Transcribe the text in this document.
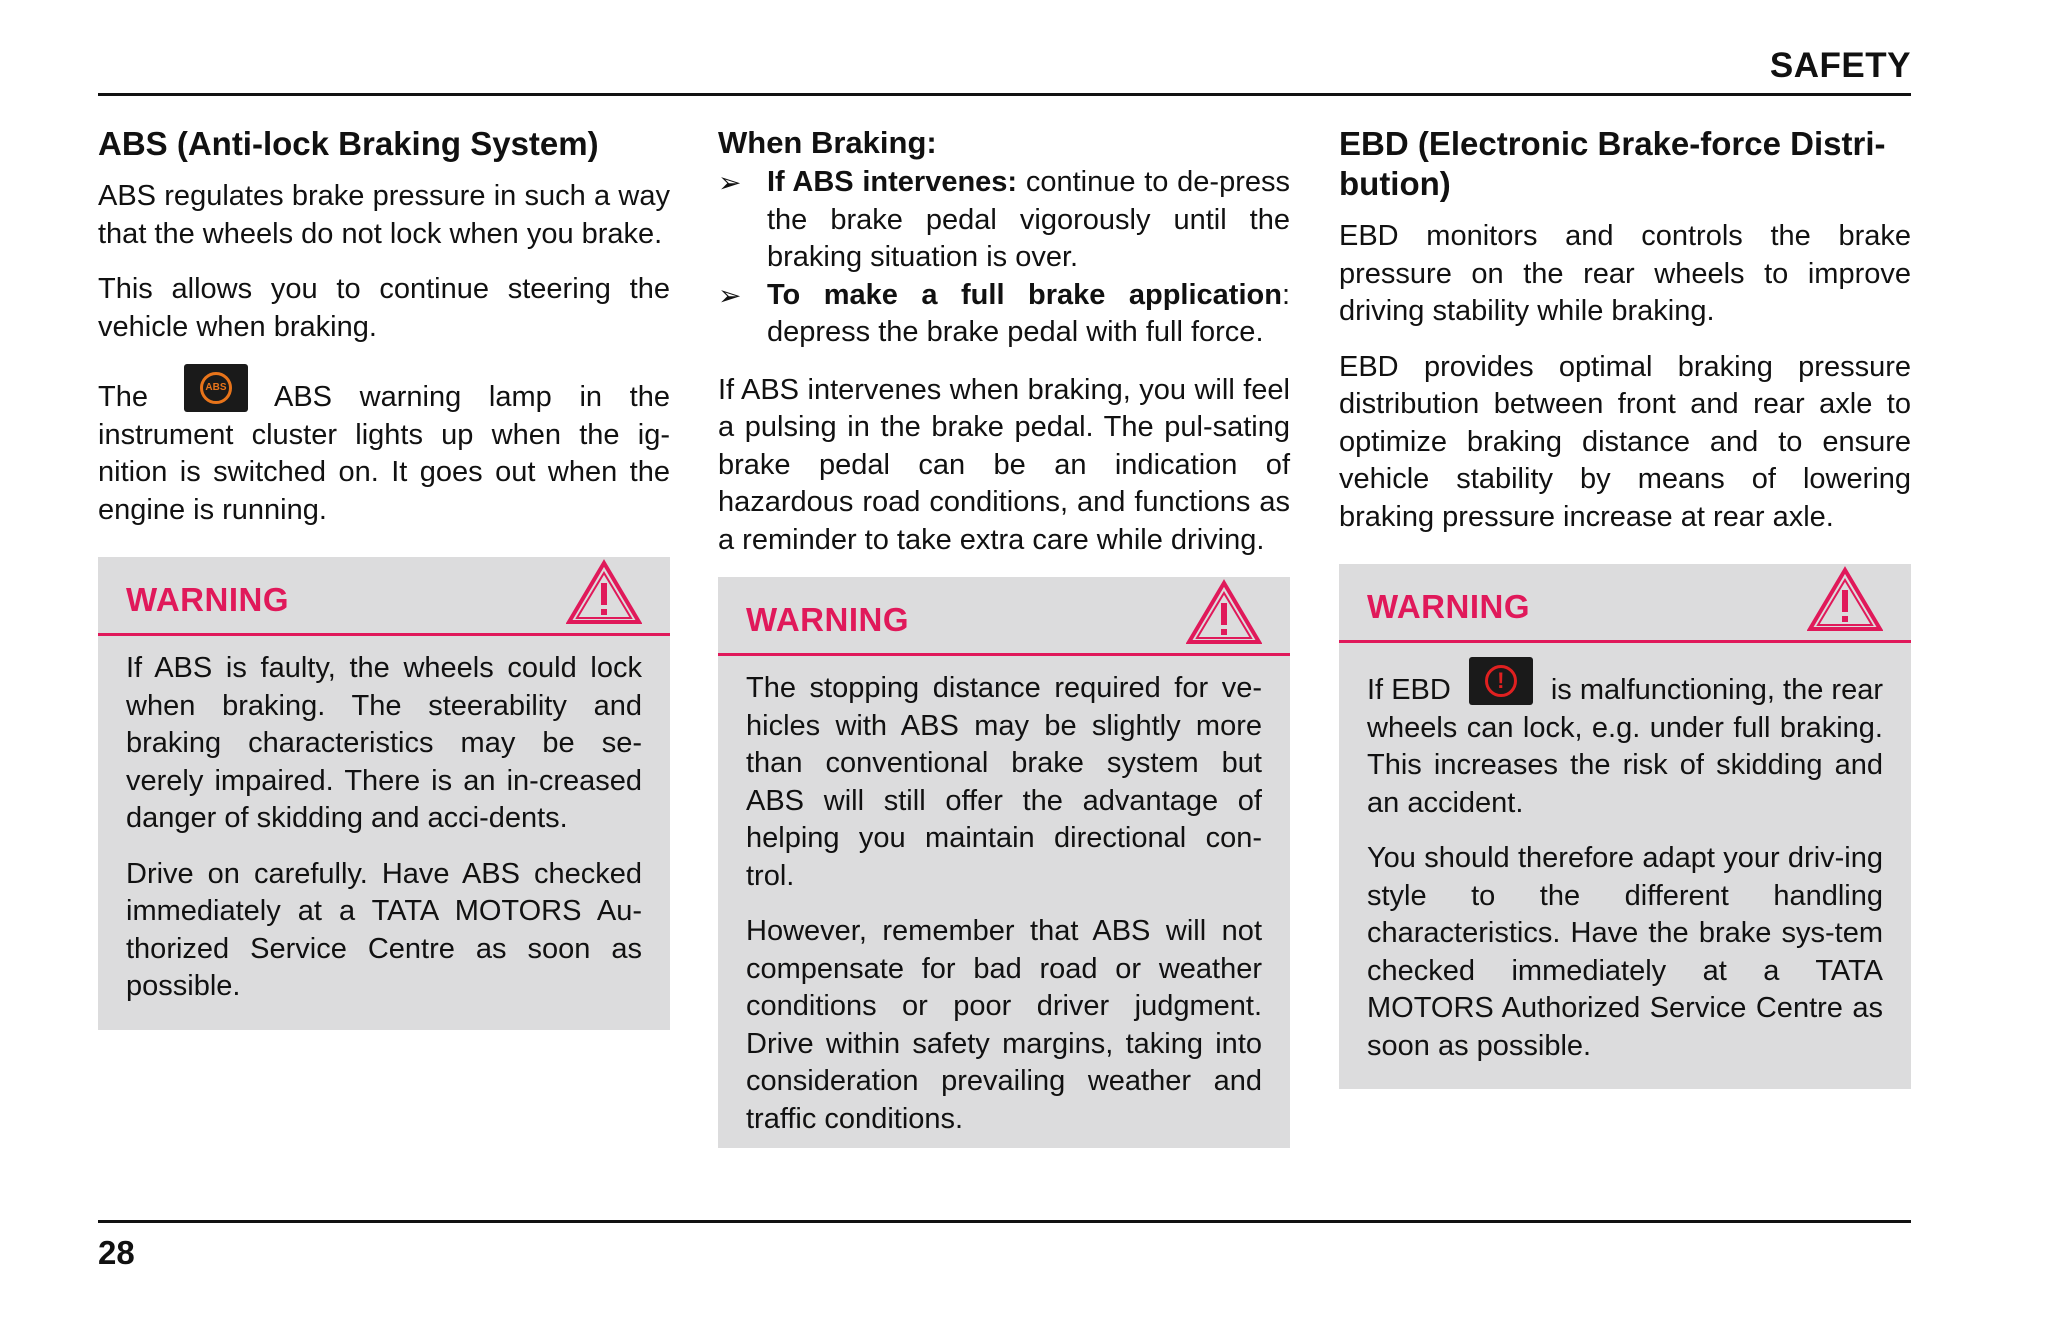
SAFETY
ABS (Anti-lock Braking System)

ABS regulates brake pressure in such a way that the wheels do not lock when you brake.

This allows you to continue steering the vehicle when braking.

The	ABS ABS warning lamp in the instrument cluster lights up when the ig-nition is switched on. It goes out when the engine is running.

WARNING

If ABS is faulty, the wheels could lock when braking. The steerability and braking characteristics may be se-verely impaired. There is an in-creased danger of skidding and acci-dents.

Drive on carefully. Have ABS checked immediately at a TATA MOTORS Au-thorized Service Centre as soon as possible.

When Braking:
➢ If ABS intervenes: continue to de-press the brake pedal vigorously until the braking situation is over.
➢ To make a full brake application: depress the brake pedal with full force.

If ABS intervenes when braking, you will feel a pulsing in the brake pedal. The pul-sating brake pedal can be an indication of hazardous road conditions, and functions as a reminder to take extra care while driving.

WARNING

The stopping distance required for ve-hicles with ABS may be slightly more than conventional brake system but ABS will still offer the advantage of helping you maintain directional con-trol.

However, remember that ABS will not compensate for bad road or weather conditions or poor driver judgment. Drive within safety margins, taking into consideration prevailing weather and traffic conditions.

EBD (Electronic Brake-force Distri-bution)

EBD monitors and controls the brake pressure on the rear wheels to improve driving stability while braking.

EBD provides optimal braking pressure distribution between front and rear axle to optimize braking distance and to ensure vehicle stability by means of lowering braking pressure increase at rear axle.

WARNING

If EBD	!	is malfunctioning, the rear wheels can lock, e.g. under full braking. This increases the risk of skidding and an accident.

You should therefore adapt your driv-ing style to the different handling characteristics. Have the brake sys-tem checked immediately at a TATA MOTORS Authorized Service Centre as soon as possible.

28
